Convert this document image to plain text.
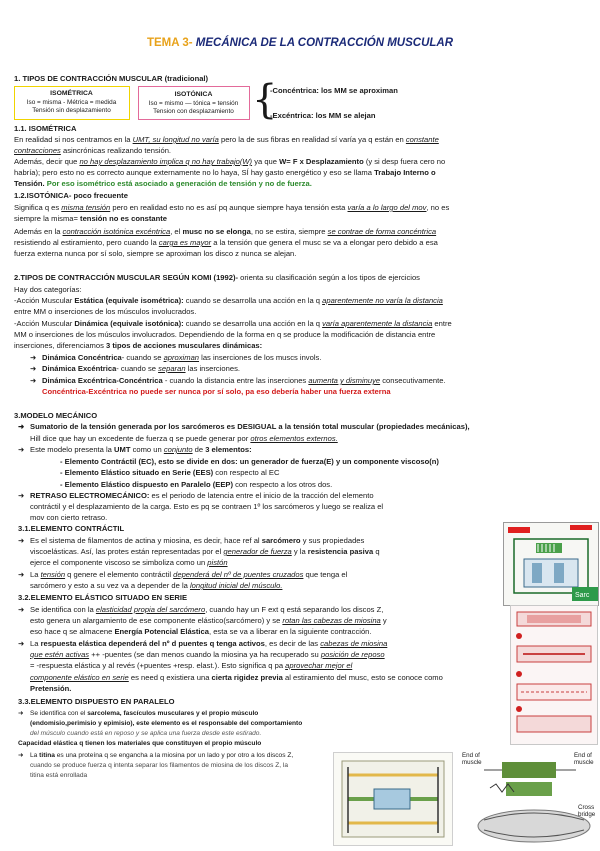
TEMA 3- MECÁNICA DE LA CONTRACCIÓN MUSCULAR
1. TIPOS DE CONTRACCIÓN MUSCULAR (tradicional)
ISOMÉTRICA
Iso = misma - Métrica = medida
Tensión sin desplazamiento
ISOTÓNICA
Iso = mismo — tónica = tensión
Tension con desplazamiento {
-Concéntrica: los MM se aproximan
-Excéntrica: los MM se alejan
1.1. ISOMÉTRICA
En realidad si nos centramos en la UMT, su longitud no varía pero la de sus fibras en realidad sí varía ya q están en constante
contracciones asincrónicas realizando tensión.
Además, decir que no hay desplazamiento implica q no hay trabajo(W) ya que W= F x Desplazamiento (y si desp fuera cero no
habría); pero esto no es correcto aunque externamente no lo haya, SÍ hay gasto energético y eso se llama Trabajo Interno o
Tensión. Por eso isométrico está asociado a generación de tensión y no de fuerza.
1.2.ISOTÓNICA- poco frecuente
Significa q es misma tensión pero en realidad esto no es así pq aunque siempre haya tensión esta varía a lo largo del mov, no es
siempre la misma= tensión no es constante
Además en la contracción isotónica excéntrica, el musc no se elonga, no se estira, siempre se contrae de forma concéntrica
resistiendo al estiramiento, pero cuando la carga es mayor a la tensión que genera el musc se va a elongar pero debido a esa
fuerza externa nunca por sí solo, siempre se aproximan los disco z nunca se alejan.
2.TIPOS DE CONTRACCIÓN MUSCULAR SEGÚN KOMI (1992)- orienta su clasificación según a los tipos de ejercicios
Hay dos categorías:
-Acción Muscular Estática (equivale isométrica): cuando se desarrolla una acción en la q aparentemente no varía la distancia
entre MM o inserciones de los músculos involucrados.
-Acción Muscular Dinámica (equivale isotónica): cuando se desarrolla una acción en la q varía aparentemente la distancia entre
MM o inserciones de los músculos involucrados. Dependiendo de la forma en q se produce la modificación de distancia entre
inserciones, diferenciamos 3 tipos de acciones musculares dinámicas:
➜ Dinámica Concéntrica- cuando se aproximan las inserciones de los muscs invols.
➜ Dinámica Excéntrica- cuando se separan las inserciones.
➜ Dinámica Excéntrica-Concéntrica - cuando la distancia entre las inserciones aumenta y disminuye consecutivamente.
Concéntrica-Excéntrica no puede ser nunca por sí solo, pa eso debería haber una fuerza externa
3.MODELO MECÁNICO
➜ Sumatorio de la tensión generada por los sarcómeros es DESIGUAL a la tensión total muscular (propiedades mecánicas),
Hill dice que hay un excedente de fuerza q se puede generar por otros elementos externos.
➜ Este modelo presenta la UMT como un conjunto de 3 elementos:
- Elemento Contráctil (EC), esto se divide en dos: un generador de fuerza(E) y un componente viscoso(n)
- Elemento Elástico situado en Serie (EES) con respecto al EC
- Elemento Elástico dispuesto en Paralelo (EEP) con respecto a los otros dos.
➜ RETRASO ELECTROMECÁNICO: es el periodo de latencia entre el inicio de la tracción del elemento
contráctil y el desplazamiento de la carga. Esto es pq se contraen 1º los sarcómeros y luego se realiza el
mov con cierto retraso.
3.1.ELEMENTO CONTRÁCTIL
➜ Es el sistema de filamentos de actina y miosina, es decir, hace ref al sarcómero y sus propiedades
viscoelásticas. Así, las protes están representadas por el generador de fuerza y la resistencia pasiva q
ejerce el componente viscoso se simboliza como un pistón
➜ La tensión q genere el elemento contráctil dependerá del nº de puentes cruzados que tenga el
sarcómero y esto a su vez va a depender de la longitud inicial del músculo.
3.2.ELEMENTO ELÁSTICO SITUADO EN SERIE
➜ Se identifica con la elasticidad propia del sarcómero, cuando hay un F ext q está separando los discos Z,
esto genera un alargamiento de ese componente elástico(sarcómero) y se rotan las cabezas de miosina y
eso hace q se almacene Energía Potencial Elástica, esta se va a liberar en la siguiente contracción.
➜ La respuesta elástica dependerá del nº d puentes q tenga activos, es decir de las cabezas de miosina
que estén activas ++ -puentes (se dan menos cuando la miosina ya ha recuperado su posición de reposo
= -respuesta elástica y al revés (+puentes +resp. elast.). Esto significa q pa aprovechar mejor el
componente elástico en serie es need q existiera una cierta rigidez previa al estiramiento del musc, esto se conoce como
Pretensión.
3.3.ELEMENTO DISPUESTO EN PARALELO
➜ Se identifica con el sarcolema, fascículos musculares y el propio músculo
(endomisio,perimisio y epimisio), este elemento es el responsable del comportamiento
del músculo cuando está en reposo y se aplica una fuerza desde este estirado.
Capacidad elástica q tienen los materiales que constituyen el propio músculo
➜ La titina es una proteína q se engancha a la miosina por un lado y por otro a los discos Z,
cuando se produce fuerza q intenta separar los filamentos de miosina de los discos Z, la
titina está enrollada
Sarc
End of
muscle
End of
muscle
Cross
bridge
